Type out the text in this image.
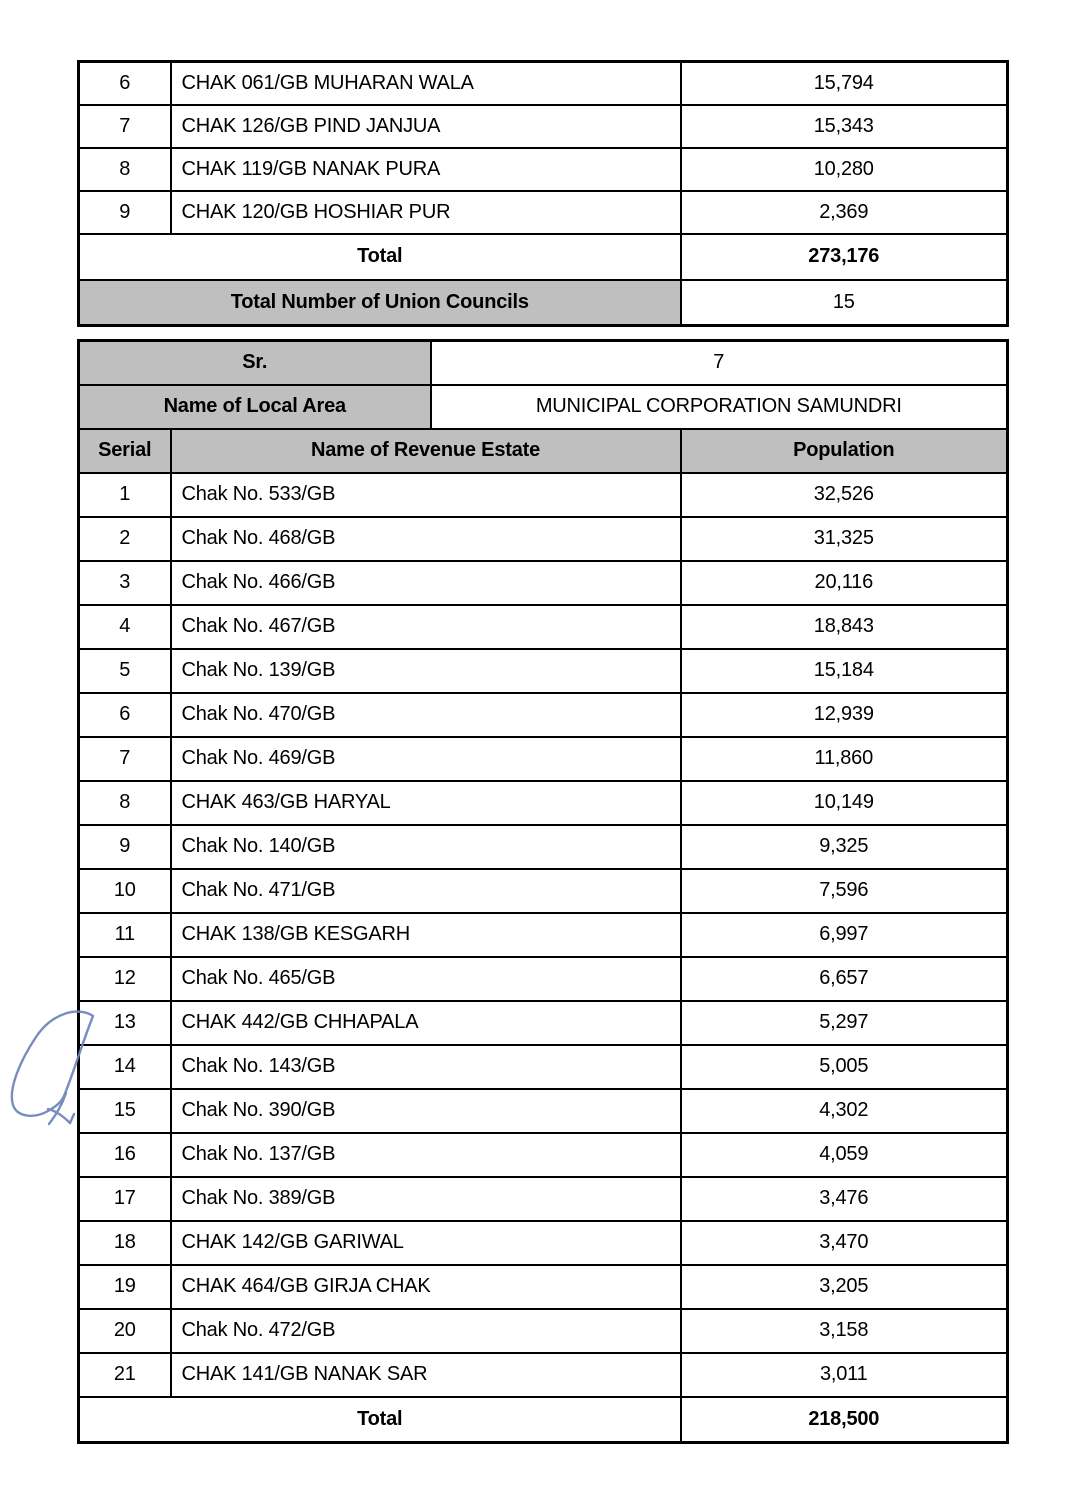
6	CHAK 061/GB MUHARAN WALA	15,794
7	CHAK 126/GB PIND JANJUA	15,343
8	CHAK 119/GB NANAK PURA	10,280
9	CHAK 120/GB HOSHIAR PUR	2,369
Total		273,176
Total Number of Union Councils		15
Sr.		7	
Name of Local Area		MUNICIPAL CORPORATION SAMUNDRI	
Serial	Name of Revenue Estate		Population
1	Chak No. 533/GB		32,526
2	Chak No. 468/GB		31,325
3	Chak No. 466/GB		20,116
4	Chak No. 467/GB		18,843
5	Chak No. 139/GB		15,184
6	Chak No. 470/GB		12,939
7	Chak No. 469/GB		11,860
8	CHAK 463/GB HARYAL		10,149
9	Chak No. 140/GB		9,325
10	Chak No. 471/GB		7,596
11	CHAK 138/GB KESGARH		6,997
12	Chak No. 465/GB		6,657
13	CHAK 442/GB CHHAPALA		5,297
14	Chak No. 143/GB		5,005
15	Chak No. 390/GB		4,302
16	Chak No. 137/GB		4,059
17	Chak No. 389/GB		3,476
18	CHAK 142/GB GARIWAL		3,470
19	CHAK 464/GB GIRJA CHAK		3,205
20	Chak No. 472/GB		3,158
21	CHAK 141/GB NANAK SAR		3,011
Total			218,500
